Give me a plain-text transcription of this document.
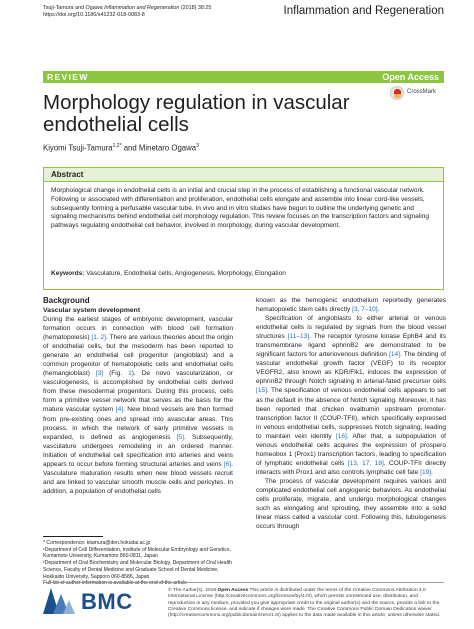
Tsuji-Tamura and Ogawa Inflammation and Regeneration (2018) 38:25
https://doi.org/10.1186/s41232-018-0083-8	Inflammation and Regeneration
REVIEW	Open Access
Morphology regulation in vascular
endothelial cells
CrossMark
Kiyomi Tsuji-Tamura$^{1,2*}$ and Minetaro Ogawa$^3$
Abstract
Morphological change in endothelial cells is an initial and crucial step in the process of establishing a functional vascular network. Following or associated with differentiation and proliferation, endothelial cells elongate and assemble into linear cord-like vessels, subsequently forming a perfusable vascular tube. In vivo and in vitro studies have begun to outline the underlying genetic and signaling mechanisms behind endothelial cell morphology regulation. This review focuses on the transcription factors and signaling pathways regulating endothelial cell behavior, involved in morphology, during vascular development.
Keywords: Vasculature, Endothelial cells, Angiogenesis, Morphology, Elongation
Background
Vascular system development
During the earliest stages of embryonic development, vascular formation occurs in connection with blood cell formation (hematopoiesis) [1, 2]. There are various theories about the origin of endothelial cells, but the mesoderm has been reported to generate an endothelial cell progenitor (angioblast) and a common progenitor of hematopoietic cells and endothelial cells (hemangioblast) [3] (Fig. 1). De novo vascularization, or vasculogenesis, is accomplished by endothelial cells derived from these mesodermal progenitors. During this process, cells form a primitive vessel network that serves as the basis for the mature vascular system [4]. New blood vessels are then formed from pre-existing ones and spread into avascular areas. This process, in which the network of early primitive vessels is expanded, is defined as angiogenesis [5]. Subsequently, vasculature undergoes remodeling in an ordered manner. Initiation of endothelial cell specification into arteries and veins appears to occur before forming structural arteries and veins [6]. Vasculature maturation results when new blood vessels recruit and are linked to vascular smooth muscle cells and pericytes. In addition, a population of endothelial cells
known as the hemogenic endothelium reportedly generates hematopoietic stem cells directly [3, 7–10].
Specification of angioblasts to either arterial or venous endothelial cells is regulated by signals from the blood vessel structures [11–13]. The receptor tyrosine kinase EphB4 and its transmembrane ligand ephrinB2 are demonstrated to be significant factors for arteriovenous definition [14]. The binding of vascular endothelial growth factor (VEGF) to its receptor VEGFR2, also known as KDR/Flk1, induces the expression of ephrinB2 through Notch signaling in arterial-fated precursor cells [15]. The specification of venous endothelial cells appears to set as the default in the absence of Notch signaling. Moreover, it has been reported that chicken ovalbumin upstream promoter-transcription factor II (COUP-TFII), which specifically expressed in venous endothelial cells, suppresses Notch signaling, leading to maintain vein identity [16]. After that, a subpopulation of venous endothelial cells acquires the expression of prospero homeobox 1 (Prox1) transcription factors, leading to specification of lymphatic endothelial cells [13, 17, 18]. COUP-TFII directly interacts with Prox1 and also controls lymphatic cell fate [19].
The process of vascular development requires various and complicated endothelial cell angiogenic behaviors. As endothelial cells proliferate, migrate, and undergo morphological changes such as elongating and sprouting, they assemble into a solid linear mass called a vascular cord. Following this, tubulogenesis occurs through
* Correspondence: ktamura@den.hokudai.ac.jp
¹Department of Cell Differentiation, Institute of Molecular Embryology and Genetics, Kumamoto University, Kumamoto 860-0811, Japan
²Department of Oral Biochemistry and Molecular Biology, Department of Oral Health Science, Faculty of Dental Medicine and Graduate School of Dental Medicine, Hokkaido University, Sapporo 060-8586, Japan
Full list of author information is available at the end of the article
BMC	© The Author(s). 2018 Open Access This article is distributed under the terms of the Creative Commons Attribution 4.0 International License (http://creativecommons.org/licenses/by/4.0/), which permits unrestricted use, distribution, and reproduction in any medium, provided you give appropriate credit to the original author(s) and the source, provide a link to the Creative Commons license, and indicate if changes were made. The Creative Commons Public Domain Dedication waiver (http://creativecommons.org/publicdomain/zero/1.0/) applies to the data made available in this article, unless otherwise stated.
